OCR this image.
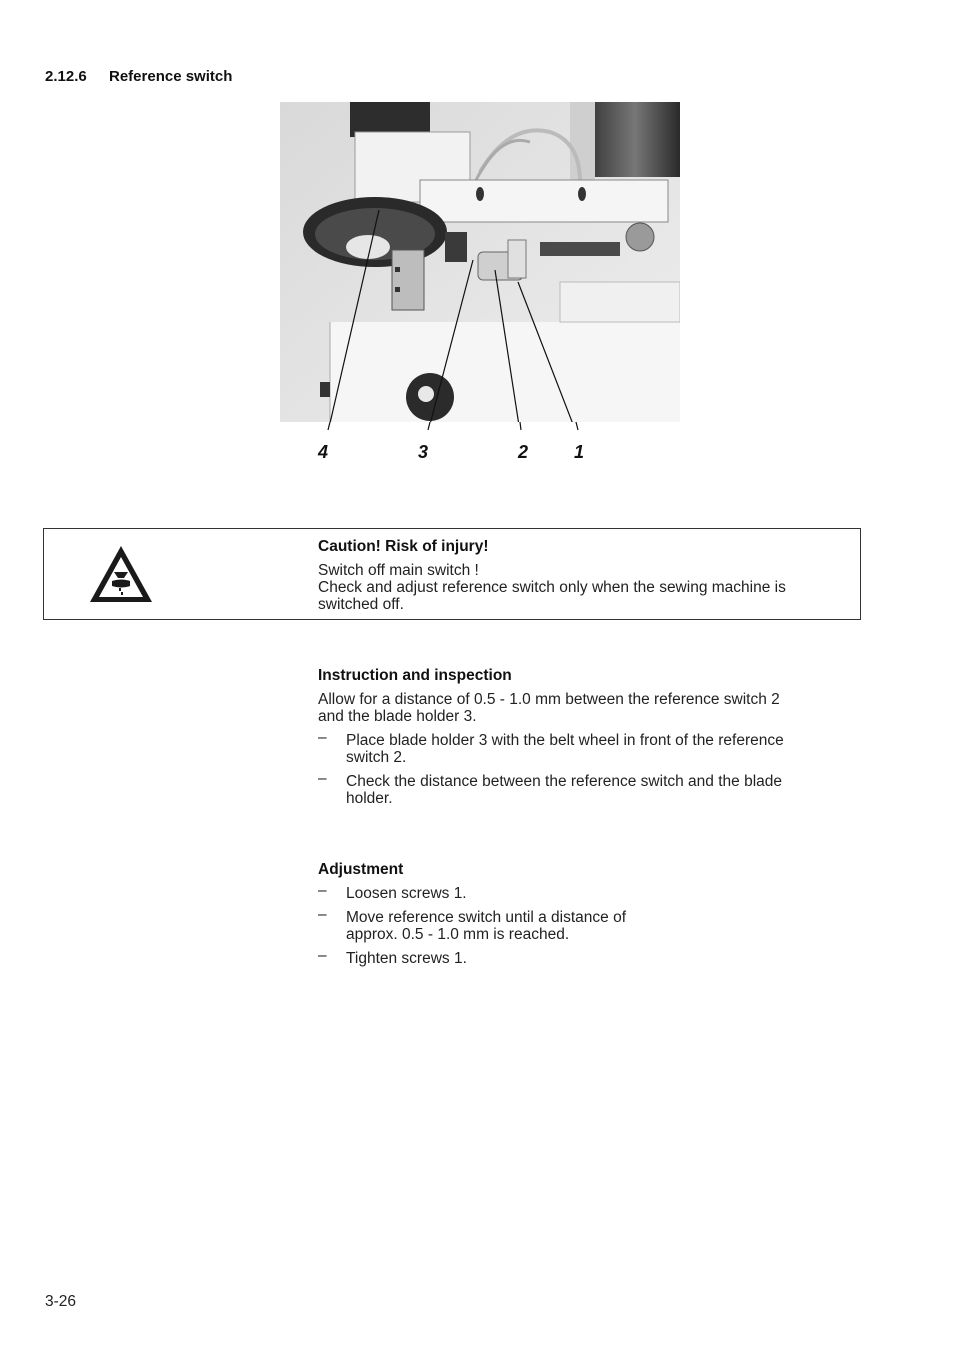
2.12.6 Reference switch
4	3	2	1
Caution! Risk of injury!
Switch off main switch !
Check and adjust reference switch only when the sewing machine is
switched off.
Instruction and inspection
Allow for a distance of 0.5 - 1.0 mm between the reference switch 2
and the blade holder 3.
– Place blade holder 3 with the belt wheel in front of the reference
switch 2.
– Check the distance between the reference switch and the blade
holder.
Adjustment
– Loosen screws 1.
– Move reference switch until a distance of
approx. 0.5 - 1.0 mm is reached.
– Tighten screws 1.
3-26
